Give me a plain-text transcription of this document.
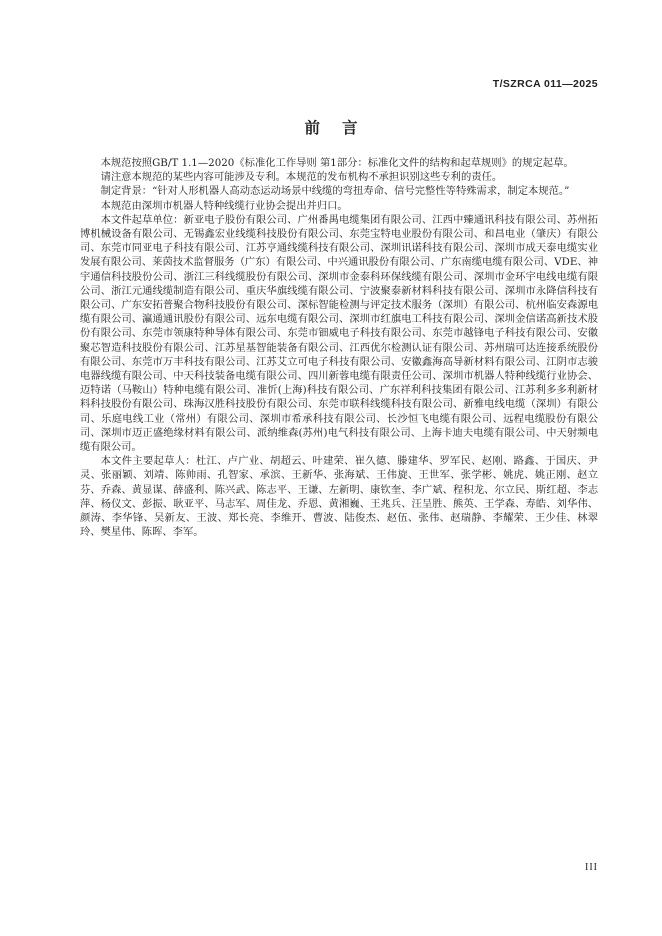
T/SZRCA 011—2025
前言

本规范按照GB/T 1.1—2020《标准化工作导则 第1部分：标准化文件的结构和起草规则》的规定起草。

请注意本规范的某些内容可能涉及专利。本规范的发布机构不承担识别这些专利的责任。

制定背景：“针对人形机器人高动态运动场景中线缆的弯扭寿命、信号完整性等特殊需求，制定本规范。”

本规范由深圳市机器人特种线缆行业协会提出并归口。

本文件起草单位：新亚电子股份有限公司、广州番禺电缆集团有限公司、江西中臻通讯科技有限公司、苏州拓博机械设备有限公司、无锡鑫宏业线缆科技股份有限公司、东莞宝特电业股份有限公司、和昌电业（肇庆）有限公司、东莞市同亚电子科技有限公司、江苏亨通线缆科技有限公司、深圳讯诺科技有限公司、深圳市成天泰电缆实业发展有限公司、莱茵技术监督服务（广东）有限公司、中兴通讯股份有限公司、广东南缆电缆有限公司、VDE、神宇通信科技股份公司、浙江三科线缆股份有限公司、深圳市金泰科环保线缆有限公司、深圳市金环宇电线电缆有限公司、浙江元通线缆制造有限公司、重庆华旗线缆有限公司、宁波聚泰新材料科技有限公司、深圳市永降信科技有限公司、广东安拓普聚合物科技股份有限公司、深标智能检测与评定技术服务（深圳）有限公司、杭州临安森源电缆有限公司、瀛通通讯股份有限公司、远东电缆有限公司、深圳市红旗电工科技有限公司、深圳金信诺高新技术股份有限公司、东莞市领康特种导体有限公司、东莞市钿威电子科技有限公司、东莞市越锋电子科技有限公司、安徽聚芯智造科技股份有限公司、江苏星基智能装备有限公司、江西优尔检测认证有限公司、苏州瑞可达连接系统股份有限公司、东莞市万丰科技有限公司、江苏艾立可电子科技有限公司、安徽鑫海高导新材料有限公司、江阴市志骏电器线缆有限公司、中天科技装备电缆有限公司、四川新蓉电缆有限责任公司、深圳市机器人特种线缆行业协会、迈特诺（马鞍山）特种电缆有限公司、准忻(上海)科技有限公司、广东祥利科技集团有限公司、江苏利多多利新材料科技股份有限公司、珠海汉胜科技股份有限公司、东莞市联科线缆科技有限公司、新雅电线电缆（深圳）有限公司、乐庭电线工业（常州）有限公司、深圳市希承科技有限公司、长沙恒飞电缆有限公司、远程电缆股份有限公司、深圳市迈正盛绝缘材料有限公司、派纳维森(苏州)电气科技有限公司、上海卡迪夫电缆有限公司、中天射频电缆有限公司。

本文件主要起草人：杜江、卢广业、胡超云、叶建荣、崔久德、滕建华、罗军民、赵刚、路鑫、于国庆、尹灵、张丽颖、刘靖、陈帅雨、孔智家、承滨、王新华、张海斌、王伟旋、王世军、张学彬、姚虎、姚正刚、赵立芬、乔森、黄显谋、薛盛利、陈兴武、陈志平、王谦、左新明、康钦奎、李广斌、程积龙、尔立民、斯红超、李志萍、杨仪文、彭振、耿亚平、马志军、周佳龙、乔恩、黄湘巍、王兆兵、汪呈胜、熊英、王学森、寿皓、刘华伟、颜涛、李华锋、吴新友、王波、郑长亮、李维开、曹波、陆俊杰、赵伍、张伟、赵瑞静、李耀荣、王少佳、林翠玲、樊星伟、陈晖、李军。

III
